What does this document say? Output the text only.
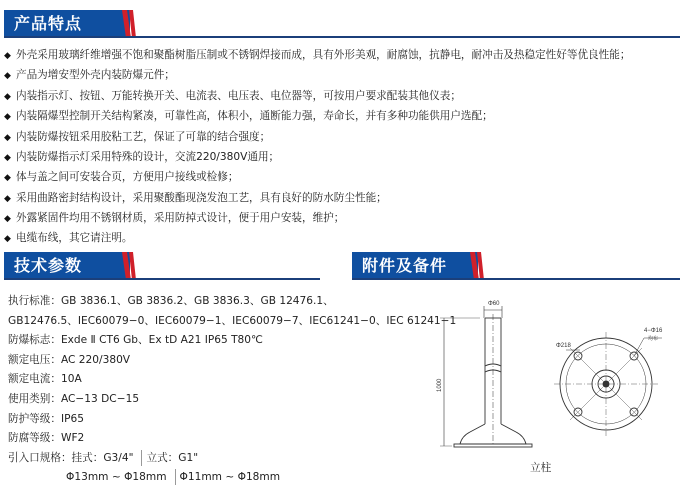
产品特点
◆ 外壳采用玻璃纤维增强不饱和聚酯树脂压制或不锈钢焊接而成，具有外形美观，耐腐蚀，抗静电，耐冲击及热稳定性好等优良性能；
◆ 产品为增安型外壳内装防爆元件；
◆ 内装指示灯、按钮、万能转换开关、电流表、电压表、电位器等，可按用户要求配装其他仪表；
◆ 内装隔爆型控制开关结构紧凑，可靠性高，体积小，通断能力强，寿命长，并有多种功能供用户选配；
◆ 内装防爆按钮采用胶粘工艺，保证了可靠的结合强度；
◆ 内装防爆指示灯采用特殊的设计，交流220/380V通用；
◆ 体与盖之间可安装合页，方便用户接线或检修；
◆ 采用曲路密封结构设计，采用聚酸酯现浇发泡工艺，具有良好的防水防尘性能；
◆ 外露紧固件均用不锈钢材质，采用防掉式设计，便于用户安装，维护；
◆ 电缆布线，其它请注明。
技术参数	附件及备件
执行标准：GB 3836.1、GB 3836.2、GB 3836.3、GB 12476.1、
GB12476.5、IEC60079−0、IEC60079−1、IEC60079−7、IEC61241−0、IEC 61241−1
防爆标志：Exde Ⅱ CT6 Gb、Ex tD A21 IP65 T80℃
额定电压：AC 220/380V
额定电流：10A
使用类别：AC−13 DC−15
防护等级：IP65
防腐等级：WF2
引入口规格：挂式：G3/4" 立式：G1"
Φ13mm ~ Φ18mm Φ11mm ~ Φ18mm
Φ60
1000
4−Φ16
均布
Φ218
立柱
